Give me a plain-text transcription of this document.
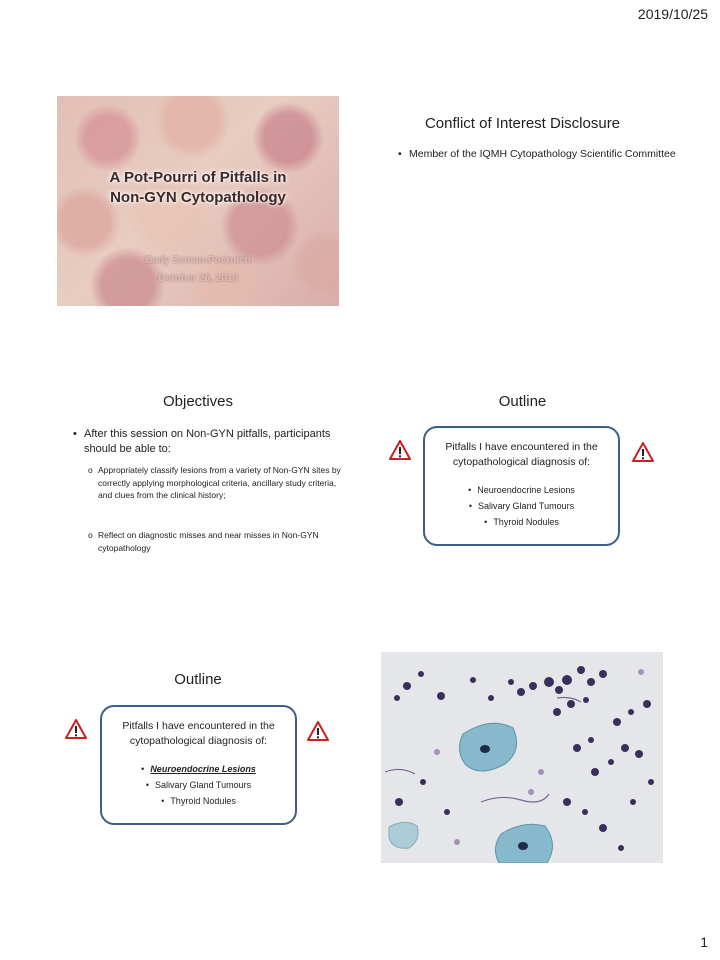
2019/10/25
A Pot-Pourri of Pitfalls in
Non-GYN Cytopathology
Cady Zeman-Pocrnich
October 26, 2019
Conflict of Interest Disclosure
• Member of the IQMH Cytopathology Scientific Committee
Objectives
• After this session on Non-GYN pitfalls, participants should be able to:
o Appropriately classify lesions from a variety of Non-GYN sites by correctly applying morphological criteria, ancillary study criteria, and clues from the clinical history;
o Reflect on diagnostic misses and near misses in Non-GYN cytopathology
Outline
Pitfalls I have encountered in the cytopathological diagnosis of:
• Neuroendocrine Lesions
• Salivary Gland Tumours
• Thyroid Nodules
Outline
Pitfalls I have encountered in the cytopathological diagnosis of:
• Neuroendocrine Lesions
• Salivary Gland Tumours
• Thyroid Nodules
1
